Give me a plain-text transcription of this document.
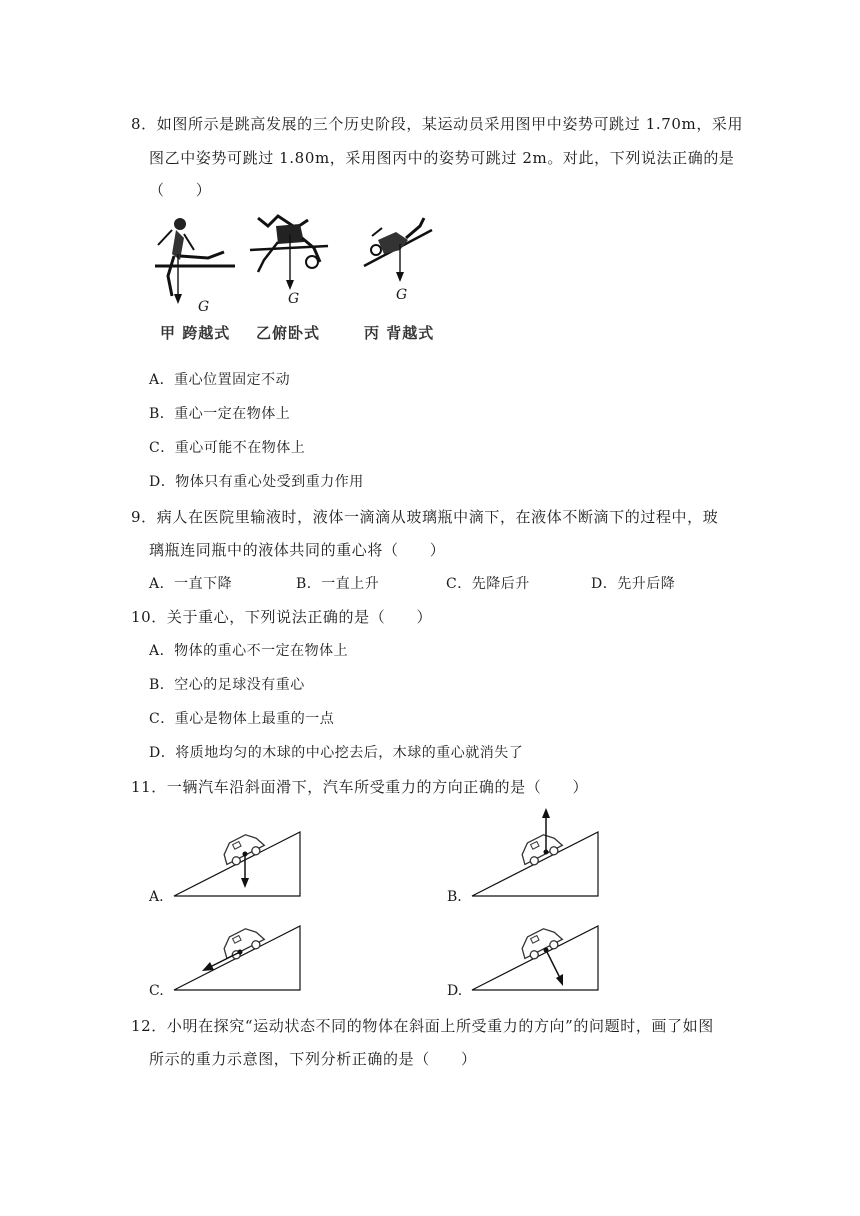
8．如图所示是跳高发展的三个历史阶段，某运动员采用图甲中姿势可跳过 1.70m，采用
图乙中姿势可跳过 1.80m，采用图丙中的姿势可跳过 2m。对此，下列说法正确的是
（　　）
G	G	G
甲 跨越式 乙俯卧式	丙 背越式
A．重心位置固定不动
B．重心一定在物体上
C．重心可能不在物体上
D．物体只有重心处受到重力作用
9．病人在医院里输液时，液体一滴滴从玻璃瓶中滴下，在液体不断滴下的过程中，玻
璃瓶连同瓶中的液体共同的重心将（　　）
A．一直下降	B．一直上升	C．先降后升	D．先升后降
10．关于重心，下列说法正确的是（　　）
A．物体的重心不一定在物体上
B．空心的足球没有重心
C．重心是物体上最重的一点
D．将质地均匀的木球的中心挖去后，木球的重心就消失了
11．一辆汽车沿斜面滑下，汽车所受重力的方向正确的是（　　）
A.	B.
C.	D.
12．小明在探究“运动状态不同的物体在斜面上所受重力的方向”的问题时，画了如图
所示的重力示意图，下列分析正确的是（　　）
